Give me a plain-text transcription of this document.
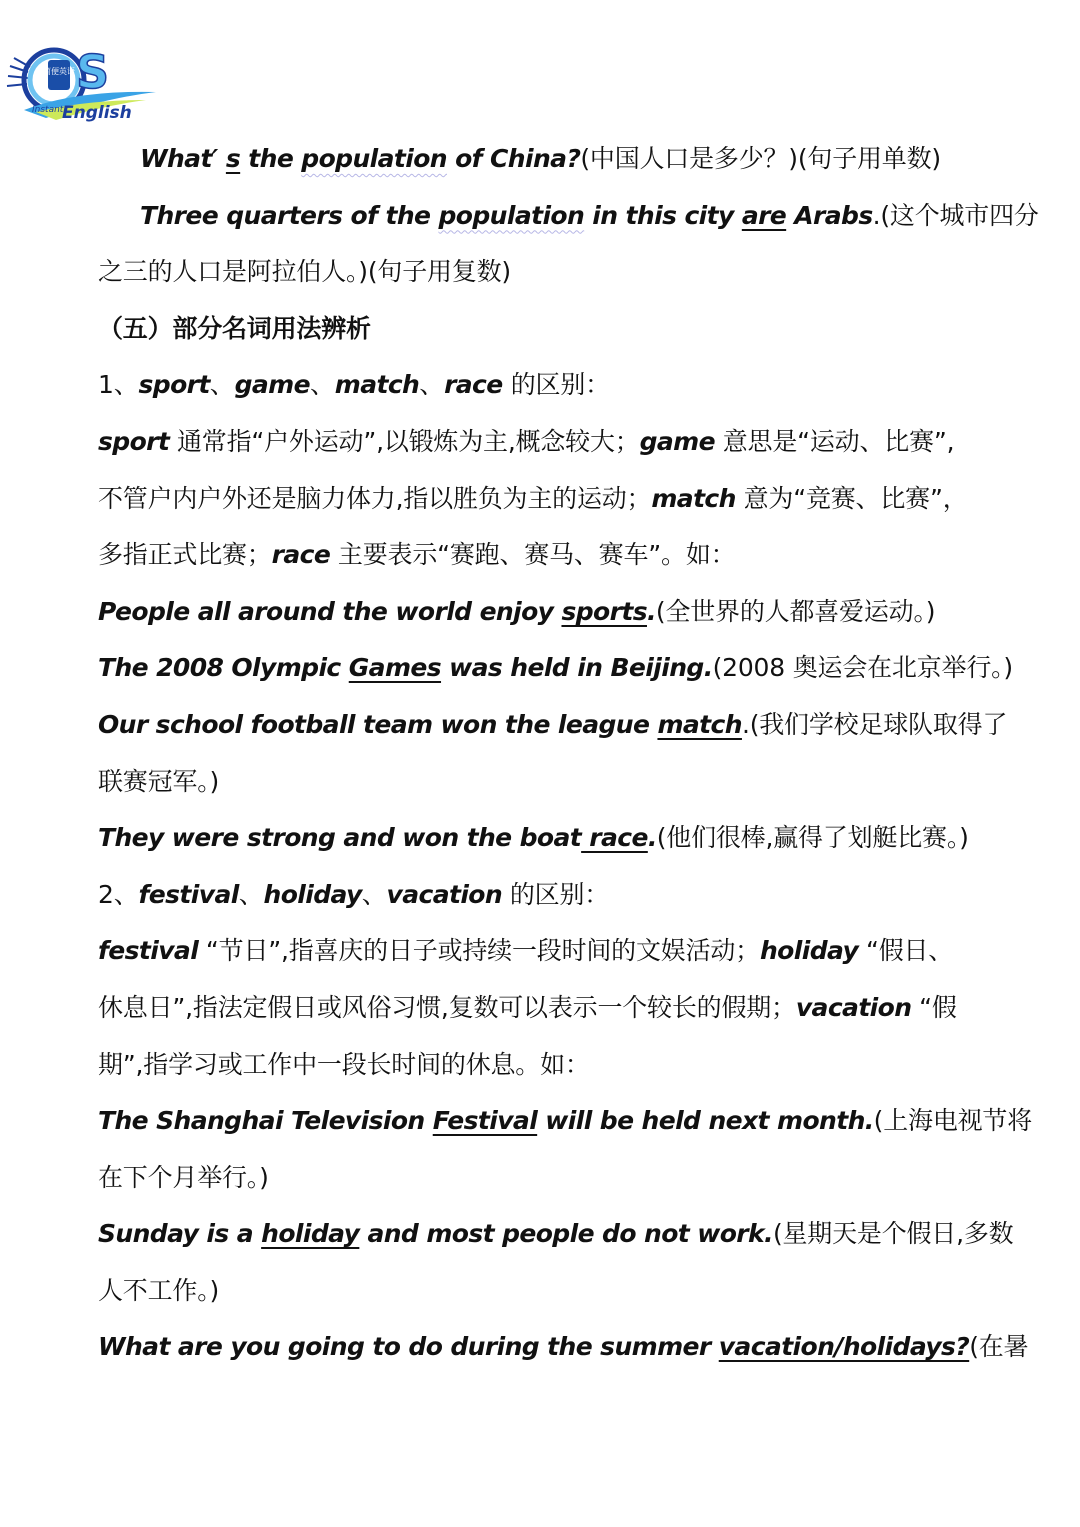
简便英语 S
Instant
English
What′ s the population of China?(中国人口是多少？)(句子用单数)
Three quarters of the population in this city are Arabs.(这个城市四分
之三的人口是阿拉伯人。)(句子用复数)
（五）部分名词用法辨析
1、sport、game、match、race 的区别：
sport 通常指“户外运动”,以锻炼为主,概念较大；game 意思是“运动、比赛”,
不管户内户外还是脑力体力,指以胜负为主的运动；match 意为“竞赛、比赛”，
多指正式比赛；race 主要表示“赛跑、赛马、赛车”。如：
People all around the world enjoy sports.(全世界的人都喜爱运动。)
The 2008 Olympic Games was held in Beijing.(2008 奥运会在北京举行。)
Our school football team won the league match.(我们学校足球队取得了
联赛冠军。)
They were strong and won the boat race.(他们很棒,赢得了划艇比赛。)
2、festival、holiday、vacation 的区别：
festival “节日”,指喜庆的日子或持续一段时间的文娱活动；holiday “假日、
休息日”,指法定假日或风俗习惯,复数可以表示一个较长的假期；vacation “假
期”,指学习或工作中一段长时间的休息。如：
The Shanghai Television Festival will be held next month.(上海电视节将
在下个月举行。)
Sunday is a holiday and most people do not work.(星期天是个假日,多数
人不工作。)
What are you going to do during the summer vacation/holidays?(在暑
